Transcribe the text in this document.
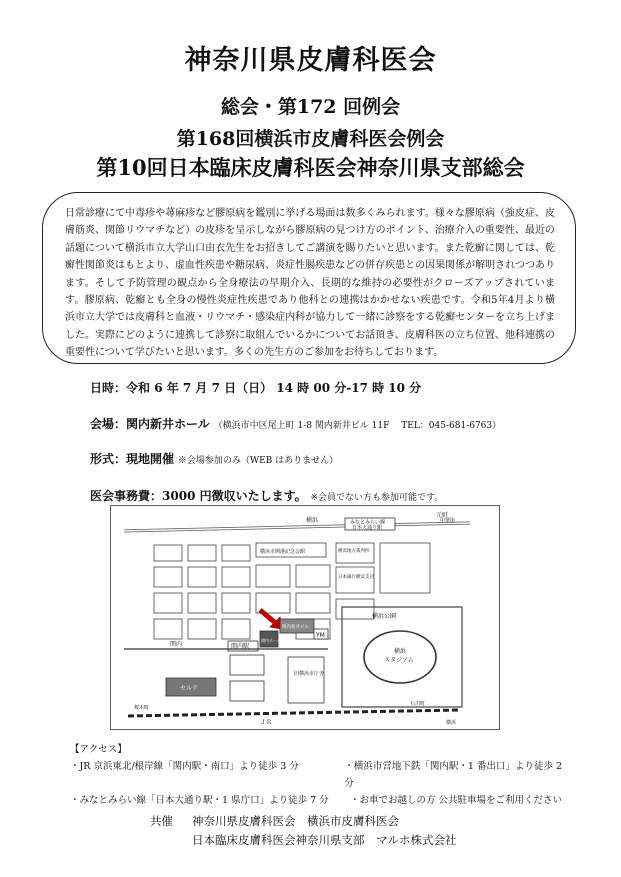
神奈川県皮膚科医会
総会・第172 回例会
第168回横浜市皮膚科医会例会
第10回日本臨床皮膚科医会神奈川県支部総会
日常診療にて中毒疹や蕁麻疹など膠原病を鑑別に挙げる場面は数多くみられます。様々な膠原病（強皮症、皮膚筋炎、関節リウマチなど）の皮疹を呈示しながら膠原病の見つけ方のポイント、治療介入の重要性、最近の話題について横浜市立大学山口由衣先生をお招きしてご講演を賜りたいと思います。また乾癬に関しては、乾癬性関節炎はもとより、虚血性疾患や糖尿病、炎症性腸疾患などの併存疾患との因果関係が解明されつつあります。そして予防管理の観点から全身療法の早期介入、長期的な維持の必要性がクローズアップされています。膠原病、乾癬とも全身の慢性炎症性疾患であり他科との連携はかかせない疾患です。令和5年4月より横浜市立大学では皮膚科と血液・リウマチ・感染症内科が協力して一緒に診察をする乾癬センターを立ち上げました。実際にどのように連携して診察に取組んでいるかについてお話頂き、皮膚科医の立ち位置、他科連携の重要性について学びたいと思います。多くの先生方のご参加をお待ちしております。
日時：令和 6 年 7 月 7 日（日） 14 時 00 分-17 時 10 分
会場：関内新井ホール （横浜市中区尾上町 1-8 関内新井ビル 11F　 TEL：045-681-6763）
形式：現地開催 ※会場参加のみ（WEB はありません）
医会事務費：3000 円徴収いたします。 ※会員でない方も参加可能です。
みなとみらい線
日本大通り駅
横浜
元町
中華街
横浜市開港記念会館	横浜地方裁判所
日本銀行横浜支店
横浜公園
横浜
スタジアム
関内新井ビル
YM
関内ホール
関内駅
関内
旧横浜市庁舎
セルテ
ＪＲ
桜木町
石川町
横浜
【アクセス】
・JR 京浜東北/根岸線「関内駅・南口」より徒歩 3 分	・横浜市営地下鉄「関内駅・1 番出口」より徒歩 2 分
・みなとみらい線「日本大通り駅・1 県庁口」より徒歩 7 分	・お車でお越しの方 公共駐車場をご利用ください
共催 神奈川県皮膚科医会　横浜市皮膚科医会
日本臨床皮膚科医会神奈川県支部　マルホ株式会社
